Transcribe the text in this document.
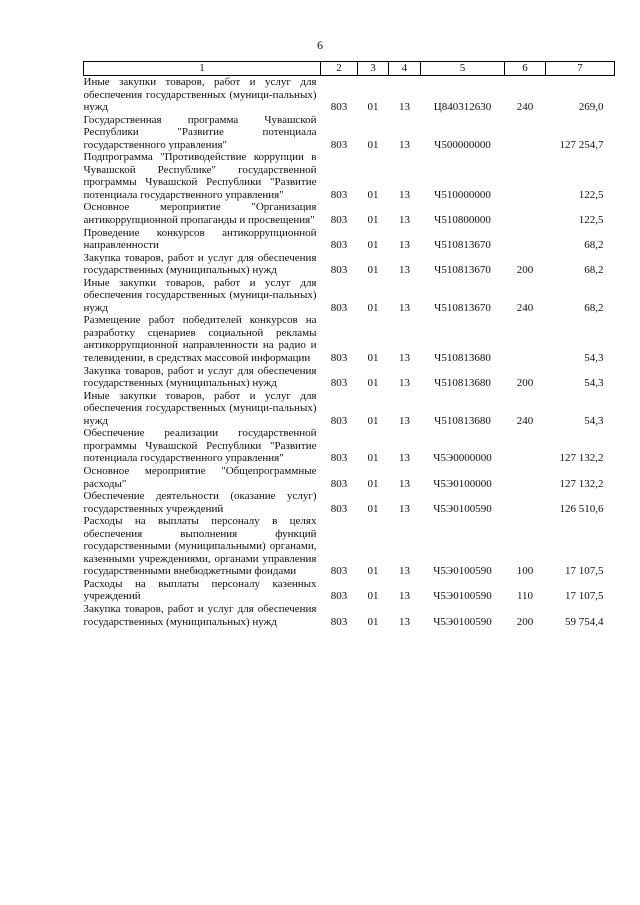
6
1	2	3	4	5	6	7
Иные закупки товаров, работ и услуг для обеспечения государственных (муници-пальных) нужд	803	01	13	Ц840312630	240	269,0
Государственная программа Чувашской Республики "Развитие потенциала государственного управления"	803	01	13	Ч500000000		127 254,7
Подпрограмма "Противодействие коррупции в Чувашской Республике" государственной программы Чувашской Республики "Развитие потенциала государственного управления"	803	01	13	Ч510000000		122,5
Основное мероприятие "Организация антикоррупционной пропаганды и просвещения"	803	01	13	Ч510800000		122,5
Проведение конкурсов антикоррупционной направленности	803	01	13	Ч510813670		68,2
Закупка товаров, работ и услуг для обеспечения государственных (муниципальных) нужд	803	01	13	Ч510813670	200	68,2
Иные закупки товаров, работ и услуг для обеспечения государственных (муници-пальных) нужд	803	01	13	Ч510813670	240	68,2
Размещение работ победителей конкурсов на разработку сценариев социальной рекламы антикоррупционной направленности на радио и телевидении, в средствах массовой информации	803	01	13	Ч510813680		54,3
Закупка товаров, работ и услуг для обеспечения государственных (муниципальных) нужд	803	01	13	Ч510813680	200	54,3
Иные закупки товаров, работ и услуг для обеспечения государственных (муници-пальных) нужд	803	01	13	Ч510813680	240	54,3
Обеспечение реализации государственной программы Чувашской Республики "Развитие потенциала государственного управления"	803	01	13	Ч5Э0000000		127 132,2
Основное мероприятие "Общепрограммные расходы"	803	01	13	Ч5Э0100000		127 132,2
Обеспечение деятельности (оказание услуг) государственных учреждений	803	01	13	Ч5Э0100590		126 510,6
Расходы на выплаты персоналу в целях обеспечения выполнения функций государственными (муниципальными) органами, казенными учреждениями, органами управления государственными внебюджетными фондами	803	01	13	Ч5Э0100590	100	17 107,5
Расходы на выплаты персоналу казенных учреждений	803	01	13	Ч5Э0100590	110	17 107,5
Закупка товаров, работ и услуг для обеспечения государственных (муниципальных) нужд	803	01	13	Ч5Э0100590	200	59 754,4
